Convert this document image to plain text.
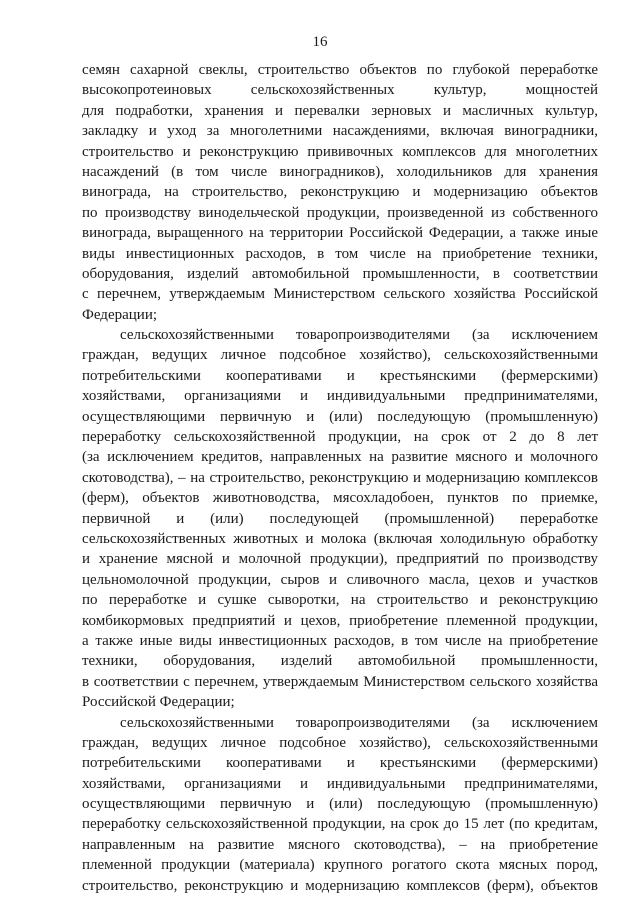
16
семян сахарной свеклы, строительство объектов по глубокой переработке
высокопротеиновых сельскохозяйственных культур, мощностей
для подработки, хранения и перевалки зерновых и масличных культур,
закладку и уход за многолетними насаждениями, включая виноградники,
строительство и реконструкцию прививочных комплексов для многолетних
насаждений (в том числе виноградников), холодильников для хранения
винограда, на строительство, реконструкцию и модернизацию объектов
по производству винодельческой продукции, произведенной из собственного
винограда, выращенного на территории Российской Федерации, а также иные
виды инвестиционных расходов, в том числе на приобретение техники,
оборудования, изделий автомобильной промышленности, в соответствии
с перечнем, утверждаемым Министерством сельского хозяйства Российской
Федерации;
сельскохозяйственными товаропроизводителями (за исключением
граждан, ведущих личное подсобное хозяйство), сельскохозяйственными
потребительскими кооперативами и крестьянскими (фермерскими)
хозяйствами, организациями и индивидуальными предпринимателями,
осуществляющими первичную и (или) последующую (промышленную)
переработку сельскохозяйственной продукции, на срок от 2 до 8 лет
(за исключением кредитов, направленных на развитие мясного и молочного
скотоводства), – на строительство, реконструкцию и модернизацию комплексов
(ферм), объектов животноводства, мясохладобоен, пунктов по приемке,
первичной и (или) последующей (промышленной) переработке
сельскохозяйственных животных и молока (включая холодильную обработку
и хранение мясной и молочной продукции), предприятий по производству
цельномолочной продукции, сыров и сливочного масла, цехов и участков
по переработке и сушке сыворотки, на строительство и реконструкцию
комбикормовых предприятий и цехов, приобретение племенной продукции,
а также иные виды инвестиционных расходов, в том числе на приобретение
техники, оборудования, изделий автомобильной промышленности,
в соответствии с перечнем, утверждаемым Министерством сельского хозяйства
Российской Федерации;
сельскохозяйственными товаропроизводителями (за исключением
граждан, ведущих личное подсобное хозяйство), сельскохозяйственными
потребительскими кооперативами и крестьянскими (фермерскими)
хозяйствами, организациями и индивидуальными предпринимателями,
осуществляющими первичную и (или) последующую (промышленную)
переработку сельскохозяйственной продукции, на срок до 15 лет (по кредитам,
направленным на развитие мясного скотоводства), – на приобретение
племенной продукции (материала) крупного рогатого скота мясных пород,
строительство, реконструкцию и модернизацию комплексов (ферм), объектов
